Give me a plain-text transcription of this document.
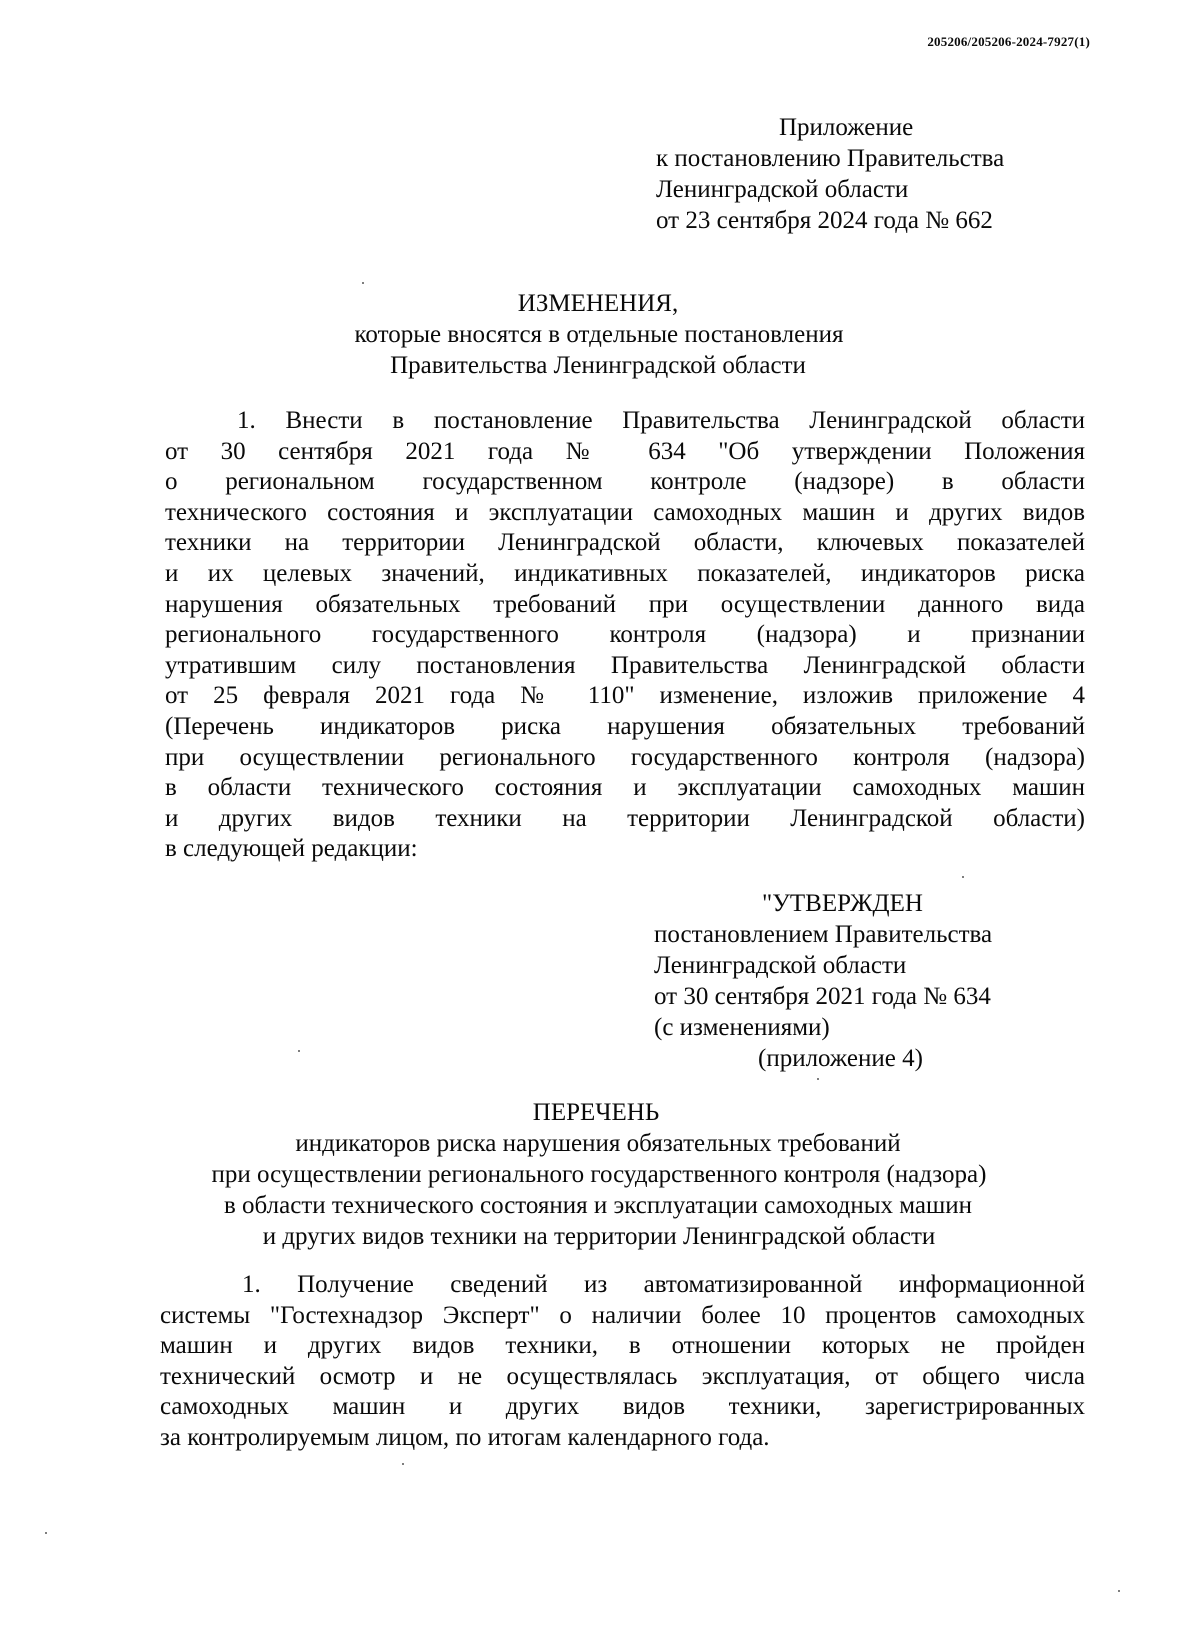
205206/205206-2024-7927(1)
Приложение
к постановлению Правительства
Ленинградской области
от 23 сентября 2024 года № 662
ИЗМЕНЕНИЯ,
которые вносятся в отдельные постановления
Правительства Ленинградской области
1. Внести в постановление Правительства Ленинградской области
от 30 сентября 2021 года № 634 "Об утверждении Положения
о региональном государственном контроле (надзоре) в области
технического состояния и эксплуатации самоходных машин и других видов
техники на территории Ленинградской области, ключевых показателей
и их целевых значений, индикативных показателей, индикаторов риска
нарушения обязательных требований при осуществлении данного вида
регионального государственного контроля (надзора) и признании
утратившим силу постановления Правительства Ленинградской области
от 25 февраля 2021 года № 110" изменение, изложив приложение 4
(Перечень индикаторов риска нарушения обязательных требований
при осуществлении регионального государственного контроля (надзора)
в области технического состояния и эксплуатации самоходных машин
и других видов техники на территории Ленинградской области)
в следующей редакции:
"УТВЕРЖДЕН
постановлением Правительства
Ленинградской области
от 30 сентября 2021 года № 634
(с изменениями)
(приложение 4)
ПЕРЕЧЕНЬ
индикаторов риска нарушения обязательных требований
при осуществлении регионального государственного контроля (надзора)
в области технического состояния и эксплуатации самоходных машин
и других видов техники на территории Ленинградской области
1. Получение сведений из автоматизированной информационной
системы "Гостехнадзор Эксперт" о наличии более 10 процентов самоходных
машин и других видов техники, в отношении которых не пройден
технический осмотр и не осуществлялась эксплуатация, от общего числа
самоходных машин и других видов техники, зарегистрированных
за контролируемым лицом, по итогам календарного года.
